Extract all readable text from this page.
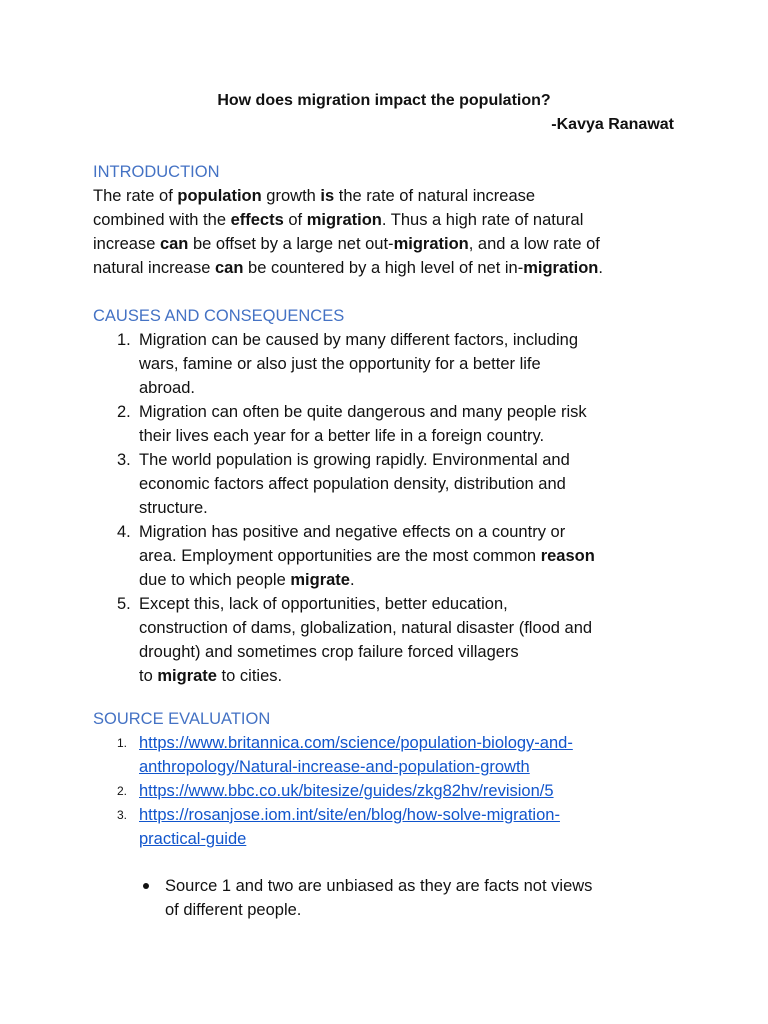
How does migration impact the population?
-Kavya Ranawat
INTRODUCTION
The rate of population growth is the rate of natural increase
combined with the effects of migration. Thus a high rate of natural
increase can be offset by a large net out-migration, and a low rate of
natural increase can be countered by a high level of net in-migration.
CAUSES AND CONSEQUENCES
1. Migration can be caused by many different factors, including
wars, famine or also just the opportunity for a better life
abroad.
2. Migration can often be quite dangerous and many people risk
their lives each year for a better life in a foreign country.
3. The world population is growing rapidly. Environmental and
economic factors affect population density, distribution and
structure.
4. Migration has positive and negative effects on a country or
area. Employment opportunities are the most common reason
due to which people migrate.
5. Except this, lack of opportunities, better education,
construction of dams, globalization, natural disaster (flood and
drought) and sometimes crop failure forced villagers
to migrate to cities.
SOURCE EVALUATION
1. https://www.britannica.com/science/population-biology-and-
anthropology/Natural-increase-and-population-growth
2. https://www.bbc.co.uk/bitesize/guides/zkg82hv/revision/5
3. https://rosanjose.iom.int/site/en/blog/how-solve-migration-
practical-guide
Source 1 and two are unbiased as they are facts not views
of different people.
